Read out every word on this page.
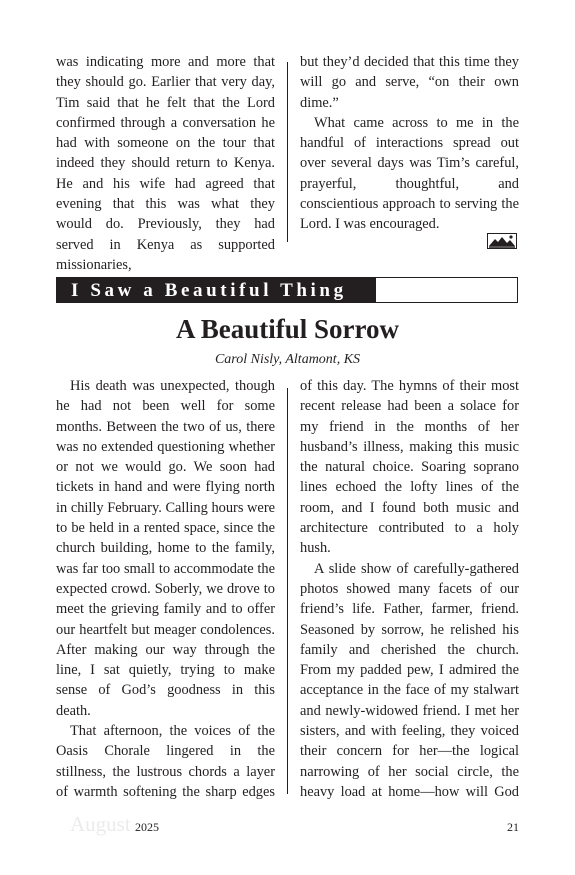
was indicating more and more that they should go. Earlier that very day, Tim said that he felt that the Lord confirmed through a conversation he had with someone on the tour that indeed they should return to Kenya. He and his wife had agreed that evening that this was what they would do. Previously, they had served in Kenya as supported missionaries,

but they’d decided that this time they will go and serve, “on their own dime.”

What came across to me in the handful of interactions spread out over several days was Tim’s careful, prayerful, thoughtful, and conscientious approach to serving the Lord. I was encouraged.

I Saw a Beautiful Thing
A Beautiful Sorrow
Carol Nisly, Altamont, KS

His death was unexpected, though he had not been well for some months. Between the two of us, there was no extended questioning whether or not we would go. We soon had tickets in hand and were flying north in chilly February. Calling hours were to be held in a rented space, since the church building, home to the family, was far too small to accommodate the expected crowd. Soberly, we drove to meet the grieving family and to offer our heartfelt but meager condolences. After making our way through the line, I sat quietly, trying to make sense of God’s goodness in this death.

That afternoon, the voices of the Oasis Chorale lingered in the stillness, the lustrous chords a layer of warmth softening the sharp edges

of this day. The hymns of their most recent release had been a solace for my friend in the months of her husband’s illness, making this music the natural choice. Soaring soprano lines echoed the lofty lines of the room, and I found both music and architecture contributed to a holy hush.

A slide show of carefully-gathered photos showed many facets of our friend’s life. Father, farmer, friend. Seasoned by sorrow, he relished his family and cherished the church. From my padded pew, I admired the acceptance in the face of my stalwart and newly-widowed friend. I met her sisters, and with feeling, they voiced their concern for her—the logical narrowing of her social circle, the heavy load at home—how will God

August 2025	21
